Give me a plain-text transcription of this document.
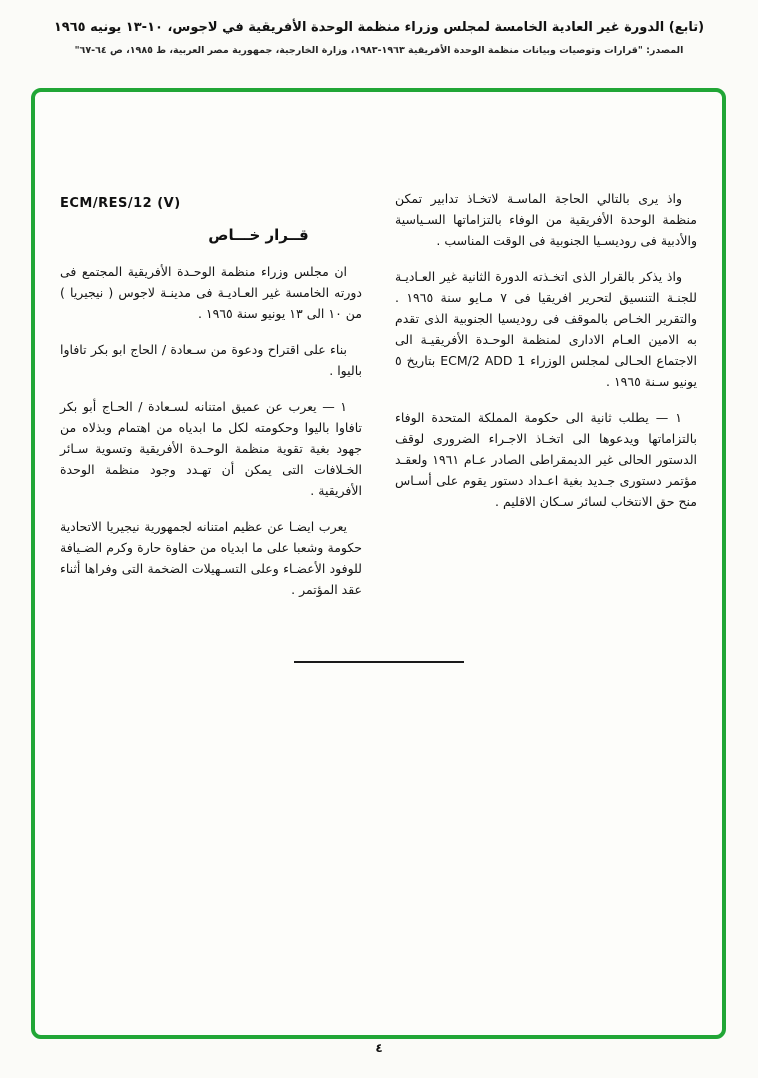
(تابع) الدورة غير العادية الخامسة لمجلس وزراء منظمة الوحدة الأفريقية في لاجوس، ١٠-١٣ يونيه ١٩٦٥
المصدر: "قرارات وتوصيات وبيانات منظمة الوحدة الأفريقية ١٩٦٣-١٩٨٣، وزارة الخارجية، جمهورية مصر العربية، ط ١٩٨٥، ص ٦٤-٦٧"

واذ يرى بالتالي الحاجة الماسـة لاتخـاذ تدابير تمكن منظمة الوحدة الأفريقية من الوفاء بالتزاماتها السـياسية والأدبية فى روديسـيا الجنوبية فى الوقت المناسب .

واذ يذكر بالقرار الذى اتخـذته الدورة الثانية غير العـاديـة للجنـة التنسيق لتحرير افريقيا فى ٧ مـايو سنة ١٩٦٥ . والتقرير الخـاص بالموقف فى روديسيا الجنوبية الذى تقدم به الامين العـام الادارى لمنظمة الوحـدة الأفريقيـة الى الاجتماع الحـالى لمجلس الوزراء ECM/2 ADD 1 بتاريخ ٥ يونيو سـنة ١٩٦٥ .

١ — يطلب ثانية الى حكومة المملكة المتحدة الوفاء بالتزاماتها ويدعوها الى اتخـاذ الاجـراء الضرورى لوقف الدستور الحالى غير الديمقراطى الصادر عـام ١٩٦١ ولعقـد مؤتمر دستورى جـديد بغية اعـداد دستور يقوم على أسـاس منح حق الانتخاب لسائر سـكان الاقليم .

ECM/RES/12 (V)
قــرار خـــاص

ان مجلس وزراء منظمة الوحـدة الأفريقية المجتمع فى دورته الخامسة غير العـاديـة فى مدينـة لاجوس ( نيجيريا ) من ١٠ الى ١٣ يونيو سنة ١٩٦٥ .

بناء على اقتراح ودعوة من سـعادة / الحاج ابو بكر تافاوا باليوا .

١ — يعرب عن عميق امتنانه لسـعادة / الحـاج أبو بكر تافاوا باليوا وحكومته لكل ما ابدياه من اهتمام وبذلاه من جهود بغية تقوية منظمة الوحـدة الأفريقية وتسوية سـائر الخـلافات التى يمكن أن تهـدد وجود منظمة الوحدة الأفريقية .

يعرب ايضـا عن عظيم امتنانه لجمهورية نيجيريا الاتحادية حكومة وشعبا على ما ابدياه من حفاوة حارة وكرم الضـيافة للوفود الأعضـاء وعلى التسـهيلات الضخمة التى وفراها أثناء عقد المؤتمر .

٤
